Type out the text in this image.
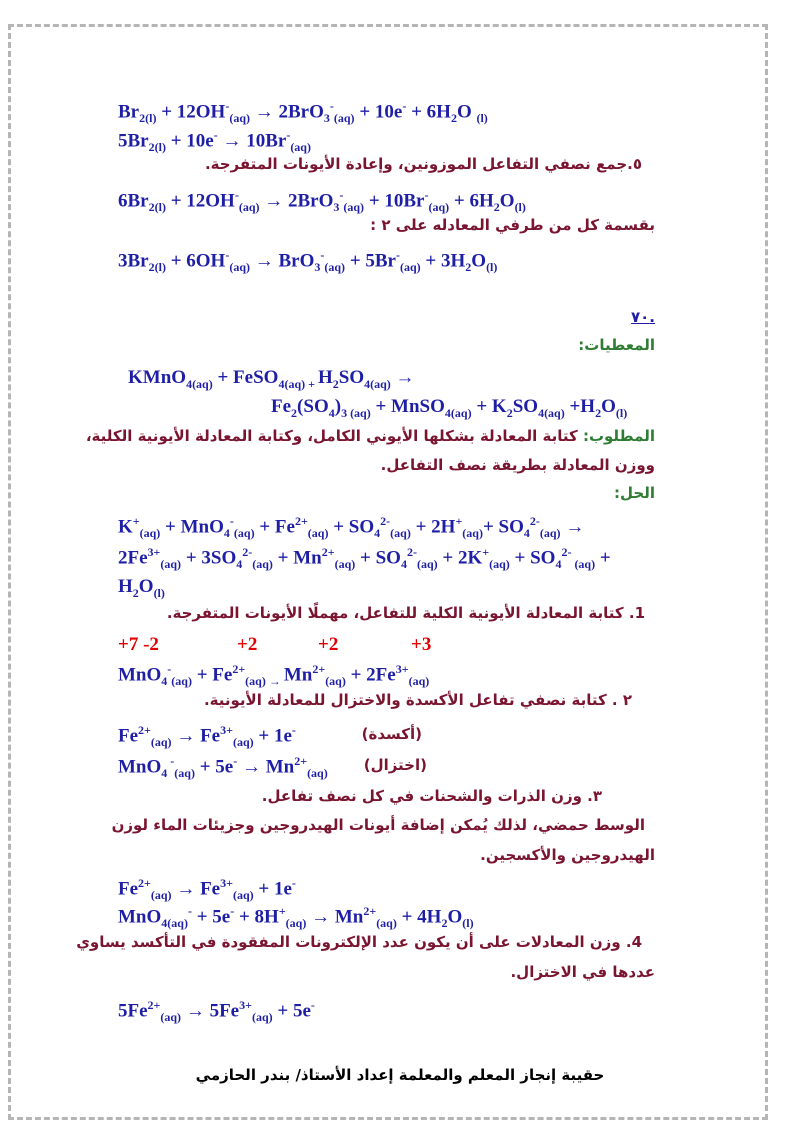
$Br_{2(l)} + 12OH^-_{(aq)} \to 2BrO_3^-_{(aq)} + 10e^- + 6H_2O$ $_{(l)}$
$5Br_{2(l)} + 10e^- \to 10Br^-_{(aq)}$
٥.جمع نصفي التفاعل الموزونين، وإعادة الأيونات المتفرجة.
$6Br_{2(l)} + 12OH^-_{(aq)} \to 2BrO_3^-_{(aq)} + 10Br^-_{(aq)} + 6H_2O_{(l)}$
بقسمة كل من طرفي المعادله على ٢ :
$3Br_{2(l)} + 6OH^-_{(aq)} \to BrO_3^-_{(aq)} + 5Br^-_{(aq)} + 3H_2O_{(l)}$
.٧٠
المعطيات:
KMnO$_{4(aq)}$ + FeSO$_{4(aq) +}$ $H_2SO_{4(aq)}$ →
$Fe_2(SO_4)_{3 (aq)}$ + MnSO$_{4(aq)}$ + $K_2SO_{4(aq)} +H_2O_{(l)}$
المطلوب: كتابة المعادلة بشكلها الأيوني الكامل، وكتابة المعادلة الأيونية الكلية،
ووزن المعادلة بطريقة نصف التفاعل.
الحل:
$K^+_{(aq)} + MnO_4^-_{(aq)} + Fe^{2+}_{(aq)} + SO_4^{2-}_{(aq)} + 2H^+_{(aq)}+ SO_4^{2-}_{(aq)}$ →
$2Fe^{3+}_{(aq)} + 3SO_4^{2-}_{(aq)} + Mn^{2+}_{(aq)} + SO_4^{2-}_{(aq)} + 2K^+_{(aq)} + SO_4^{2-}$ $_{(aq)}$ +
$H_2O_{(l)}$
1. كتابة المعادلة الأيونية الكلية للتفاعل، مهملًا الأيونات المتفرجة.
+7 -2	+2	+2	+3
$MnO_4^-_{(aq)} + Fe^{2+}_{(aq)}$ $_\to$ $Mn^{2+}_{(aq)} + 2Fe^{3+}_{(aq)}$
٢ . كتابة نصفي تفاعل الأكسدة والاختزال للمعادلة الأيونية.
$Fe^{2+}_{(aq)} \to Fe^{3+}_{(aq)} + 1e^-$	(أكسدة)
MnO$_4$ $^-_{(aq)} + 5e^- \to Mn^{2+}_{(aq)}$ (اختزال)
٣. وزن الذرات والشحنات في كل نصف تفاعل.
الوسط حمضي، لذلك يُمكن إضافة أيونات الهيدروجين وجزيئات الماء لوزن
الهيدروجين والأكسجين.
$Fe^{2+}_{(aq)} \to Fe^{3+}_{(aq)} + 1e^-$
$MnO_{4(aq)}^- + 5e^- + 8H^+_{(aq)} \to Mn^{2+}_{(aq)} + 4H_2O_{(l)}$
4. وزن المعادلات على أن يكون عدد الإلكترونات المفقودة في التأكسد يساوي
عددها في الاختزال.
$5Fe^{2+}_{(aq)} \to 5Fe^{3+}_{(aq)} + 5e^-$
حقيبة إنجاز المعلم والمعلمة إعداد الأستاذ/ بندر الحازمي
